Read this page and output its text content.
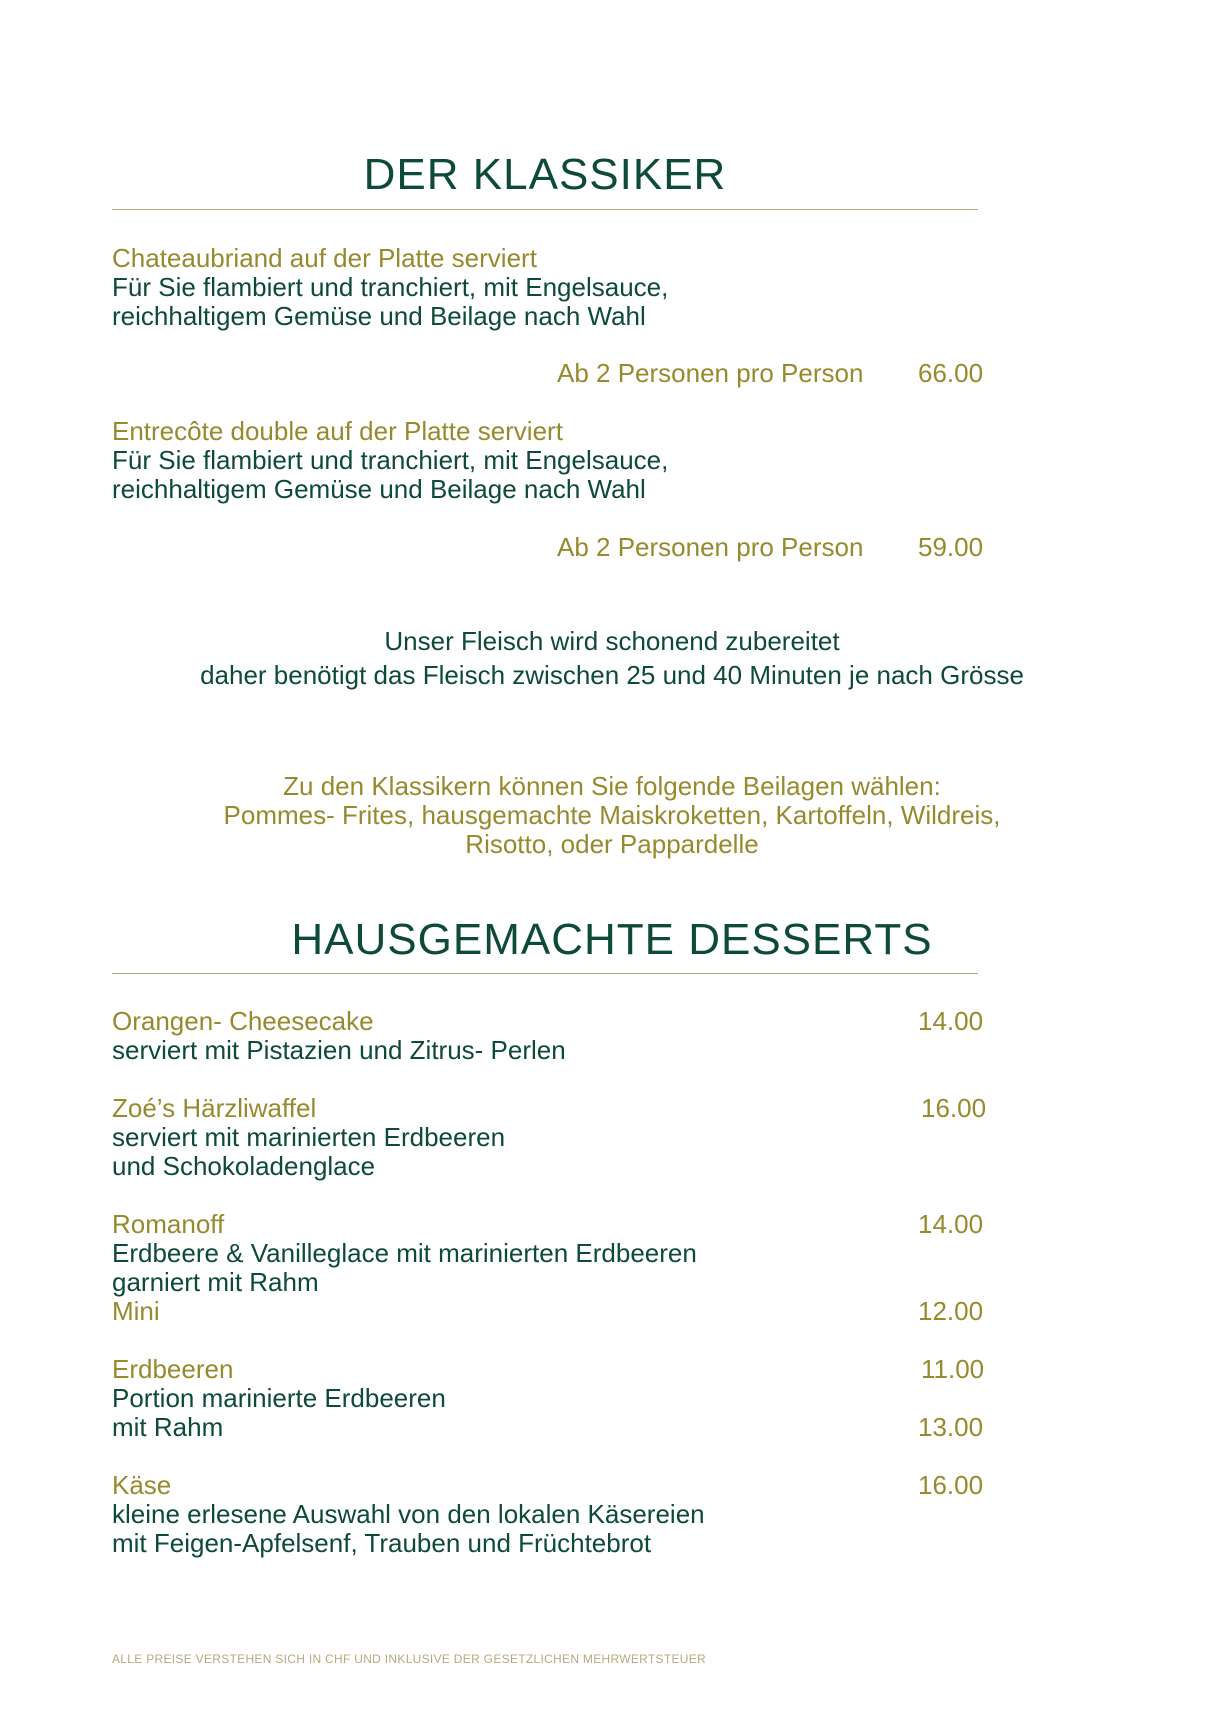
DER KLASSIKER
Chateaubriand auf der Platte serviert
Für Sie flambiert und tranchiert, mit Engelsauce,
reichhaltigem Gemüse und Beilage nach Wahl
Ab 2 Personen pro Person 66.00
Entrecôte double auf der Platte serviert
Für Sie flambiert und tranchiert, mit Engelsauce,
reichhaltigem Gemüse und Beilage nach Wahl
Ab 2 Personen pro Person 59.00
Unser Fleisch wird schonend zubereitet
daher benötigt das Fleisch zwischen 25 und 40 Minuten je nach Grösse
Zu den Klassikern können Sie folgende Beilagen wählen:
Pommes- Frites, hausgemachte Maiskroketten, Kartoffeln, Wildreis,
Risotto, oder Pappardelle
HAUSGEMACHTE DESSERTS
Orangen- Cheesecake	14.00
serviert mit Pistazien und Zitrus- Perlen
Zoé’s Härzliwaffel	16.00
serviert mit marinierten Erdbeeren
und Schokoladenglace
Romanoff	14.00
Erdbeere & Vanilleglace mit marinierten Erdbeeren
garniert mit Rahm
Mini	12.00
Erdbeeren	11.00
Portion marinierte Erdbeeren
mit Rahm	13.00
Käse	16.00
kleine erlesene Auswahl von den lokalen Käsereien
mit Feigen-Apfelsenf, Trauben und Früchtebrot
ALLE PREISE VERSTEHEN SICH IN CHF UND INKLUSIVE DER GESETZLICHEN MEHRWERTSTEUER
